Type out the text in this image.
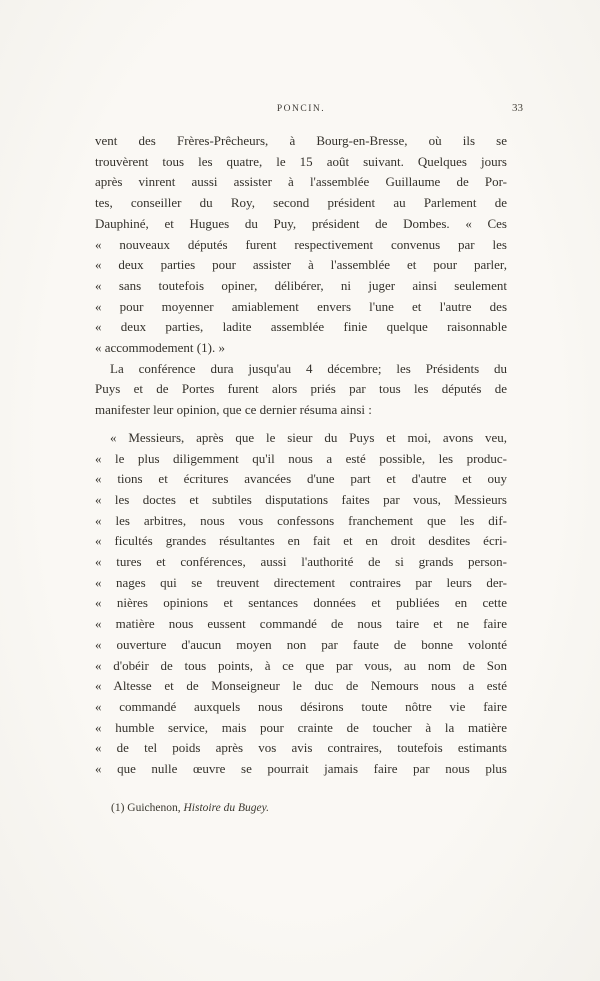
PONCIN.	33
vent des Frères-Prêcheurs, à Bourg-en-Bresse, où ils se
trouvèrent tous les quatre, le 15 août suivant. Quelques jours
après vinrent aussi assister à l'assemblée Guillaume de Por-
tes, conseiller du Roy, second président au Parlement de
Dauphiné, et Hugues du Puy, président de Dombes. « Ces
« nouveaux députés furent respectivement convenus par les
« deux parties pour assister à l'assemblée et pour parler,
« sans toutefois opiner, délibérer, ni juger ainsi seulement
« pour moyenner amiablement envers l'une et l'autre des
« deux parties, ladite assemblée finie quelque raisonnable
« accommodement (1). »
La conférence dura jusqu'au 4 décembre; les Présidents du
Puys et de Portes furent alors priés par tous les députés de
manifester leur opinion, que ce dernier résuma ainsi :
« Messieurs, après que le sieur du Puys et moi, avons veu,
« le plus diligemment qu'il nous a esté possible, les produc-
« tions et écritures avancées d'une part et d'autre et ouy
« les doctes et subtiles disputations faites par vous, Messieurs
« les arbitres, nous vous confessons franchement que les dif-
« ficultés grandes résultantes en fait et en droit desdites écri-
« tures et conférences, aussi l'authorité de si grands person-
« nages qui se treuvent directement contraires par leurs der-
« nières opinions et sentances données et publiées en cette
« matière nous eussent commandé de nous taire et ne faire
« ouverture d'aucun moyen non par faute de bonne volonté
« d'obéir de tous points, à ce que par vous, au nom de Son
« Altesse et de Monseigneur le duc de Nemours nous a esté
« commandé auxquels nous désirons toute nôtre vie faire
« humble service, mais pour crainte de toucher à la matière
« de tel poids après vos avis contraires, toutefois estimants
« que nulle œuvre se pourrait jamais faire par nous plus
(1) Guichenon, Histoire du Bugey.
